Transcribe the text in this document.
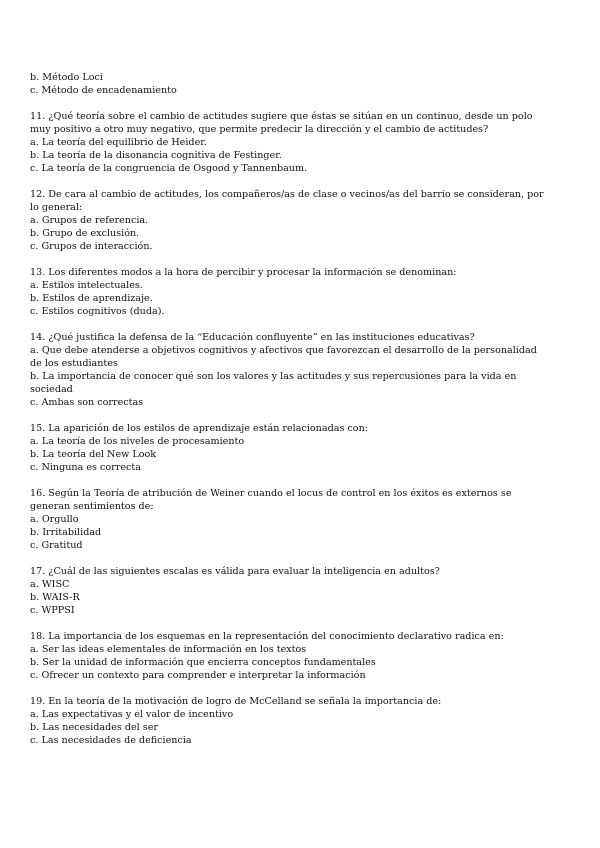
b. Método Loci
c. Método de encadenamiento
11. ¿Qué teoría sobre el cambio de actitudes sugiere que éstas se sitúan en un continuo, desde un polo muy positivo a otro muy negativo, que permite predecir la dirección y el cambio de actitudes?
a. La teoría del equilibrio de Heider.
b. La teoría de la disonancia cognitiva de Festinger.
c. La teoría de la congruencia de Osgood y Tannenbaum.
12. De cara al cambio de actitudes, los compañeros/as de clase o vecinos/as del barrio se consideran, por lo general:
a. Grupos de referencia.
b. Grupo de exclusión.
c. Grupos de interacción.
13. Los diferentes modos a la hora de percibir y procesar la información se denominan:
a. Estilos intelectuales.
b. Estilos de aprendizaje.
c. Estilos cognitivos (duda).
14. ¿Qué justifica la defensa de la “Educación confluyente” en las instituciones educativas?
a. Que debe atenderse a objetivos cognitivos y afectivos que favorezcan el desarrollo de la personalidad de los estudiantes
b. La importancia de conocer qué son los valores y las actitudes y sus repercusiones para la vida en sociedad
c. Ambas son correctas
15. La aparición de los estilos de aprendizaje están relacionadas con:
a. La teoría de los niveles de procesamiento
b. La teoría del New Look
c. Ninguna es correcta
16. Según la Teoría de atribución de Weiner cuando el locus de control en los éxitos es externos se generan sentimientos de:
a. Orgullo
b. Irritabilidad
c. Gratitud
17. ¿Cuál de las siguientes escalas es válida para evaluar la inteligencia en adultos?
a. WISC
b. WAIS-R
c. WPPSI
18. La importancia de los esquemas en la representación del conocimiento declarativo radica en:
a. Ser las ideas elementales de información en los textos
b. Ser la unidad de información que encierra conceptos fundamentales
c. Ofrecer un contexto para comprender e interpretar la información
19. En la teoría de la motivación de logro de McCelland se señala la importancia de:
a. Las expectativas y el valor de incentivo
b. Las necesidades del ser
c. Las necesidades de deficiencia
